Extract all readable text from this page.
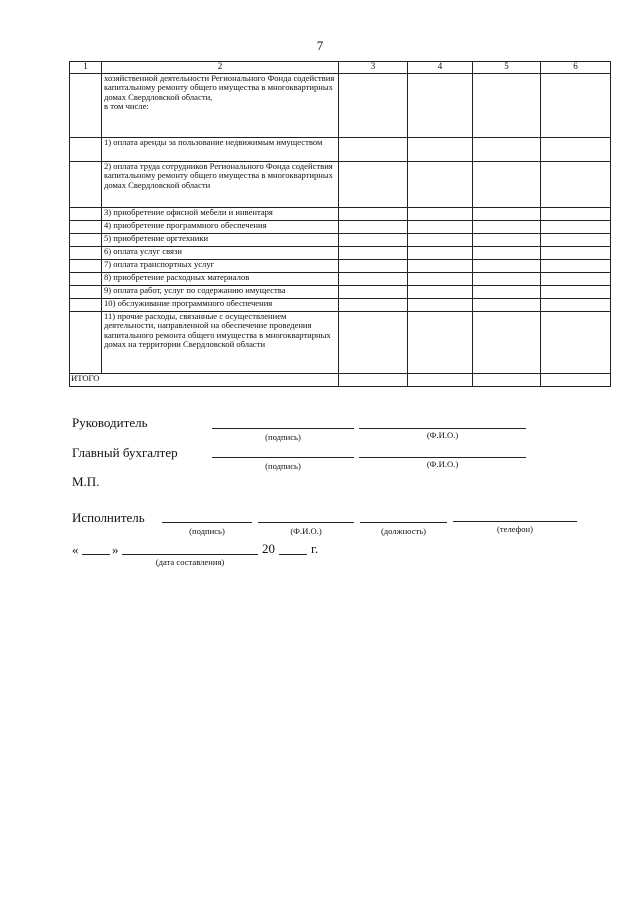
7
1	2	3	4	5	6
	хозяйственной деятельности Регионального Фонда содействия капитальному ремонту общего имущества в многоквартирных домах Свердловской области,
в том числе:				
	1) оплата аренды за пользование недвижимым имуществом				
	2) оплата труда сотрудников Регионального Фонда содействия капитальному ремонту общего имущества в многоквартирных домах Свердловской области				
	3) приобретение офисной мебели и инвентаря				
	4) приобретение программного обеспечения				
	5) приобретение оргтехники				
	6) оплата услуг связи				
	7) оплата транспортных услуг				
	8) приобретение расходных материалов				
	9) оплата работ, услуг по содержанию имущества				
	10) обслуживание программного обеспечения				
	11) прочие расходы, связанные с осуществлением деятельности, направленной на обеспечение проведения капитального ремонта общего имущества в многоквартирных домах на территории Свердловской области				
ИТОГО					
Руководитель
(подпись)	(Ф.И.О.)
Главный бухгалтер
(подпись)	(Ф.И.О.)
М.П.
Исполнитель
(подпись)	(Ф.И.О.)	(должность)	(телефон)
«	»	20	г.
(дата составления)
